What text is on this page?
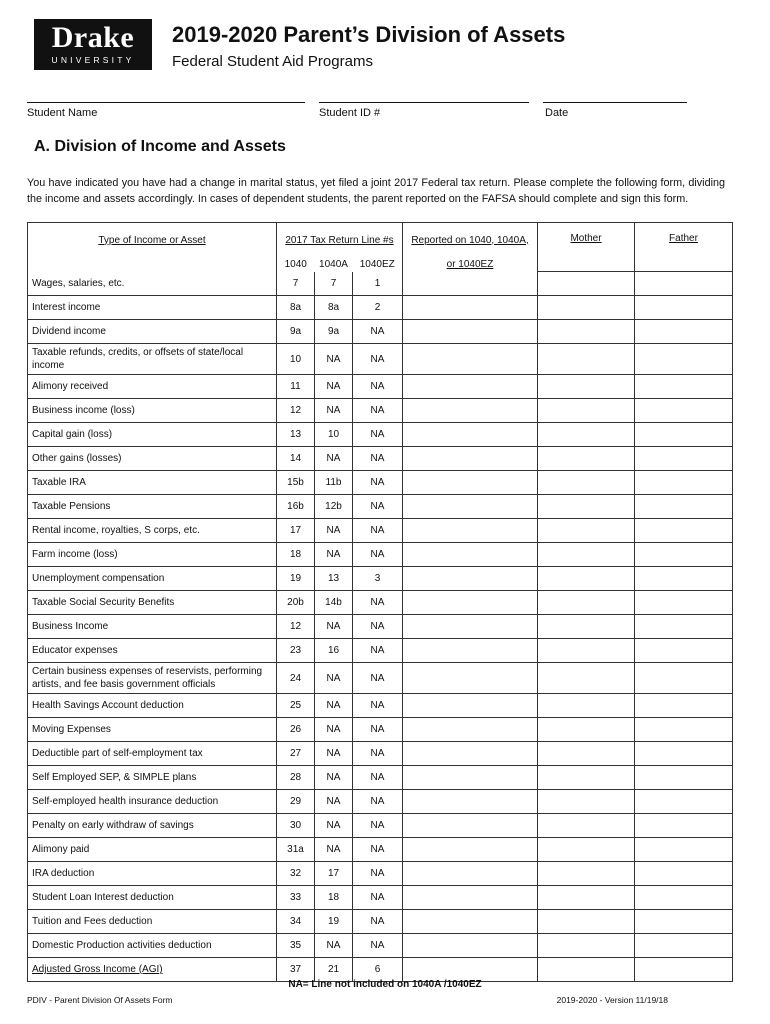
Drake
UNIVERSITY
2019-2020 Parent’s Division of Assets
Federal Student Aid Programs
Student Name	Student ID #	Date
A. Division of Income and Assets
You have indicated you have had a change in marital status, yet filed a joint 2017 Federal tax return. Please complete the following form, dividing the income and assets accordingly. In cases of dependent students, the parent reported on the FAFSA should complete and sign this form.
Type of Income or Asset	2017 Tax Return Line #s			Reported on 1040, 1040A,	Mother	Father
	1040	1040A	1040EZ	or 1040EZ		
Wages, salaries, etc.	7	7	1			
Interest income	8a	8a	2			
Dividend income	9a	9a	NA			
Taxable refunds, credits, or offsets of state/local income	10	NA	NA			
Alimony received	11	NA	NA			
Business income (loss)	12	NA	NA			
Capital gain (loss)	13	10	NA			
Other gains (losses)	14	NA	NA			
Taxable IRA	15b	11b	NA			
Taxable Pensions	16b	12b	NA			
Rental income, royalties, S corps, etc.	17	NA	NA			
Farm income (loss)	18	NA	NA			
Unemployment compensation	19	13	3			
Taxable Social Security Benefits	20b	14b	NA			
Business Income	12	NA	NA			
Educator expenses	23	16	NA			
Certain business expenses of reservists, performing artists, and fee basis government officials	24	NA	NA			
Health Savings Account deduction	25	NA	NA			
Moving Expenses	26	NA	NA			
Deductible part of self-employment tax	27	NA	NA			
Self Employed SEP, & SIMPLE plans	28	NA	NA			
Self-employed health insurance deduction	29	NA	NA			
Penalty on early withdraw of savings	30	NA	NA			
Alimony paid	31a	NA	NA			
IRA deduction	32	17	NA			
Student Loan Interest deduction	33	18	NA			
Tuition and Fees deduction	34	19	NA			
Domestic Production activities deduction	35	NA	NA			
Adjusted Gross Income (AGI)	37	21	6			
NA= Line not included on 1040A /1040EZ
PDIV - Parent Division Of Assets Form	2019-2020 - Version 11/19/18
